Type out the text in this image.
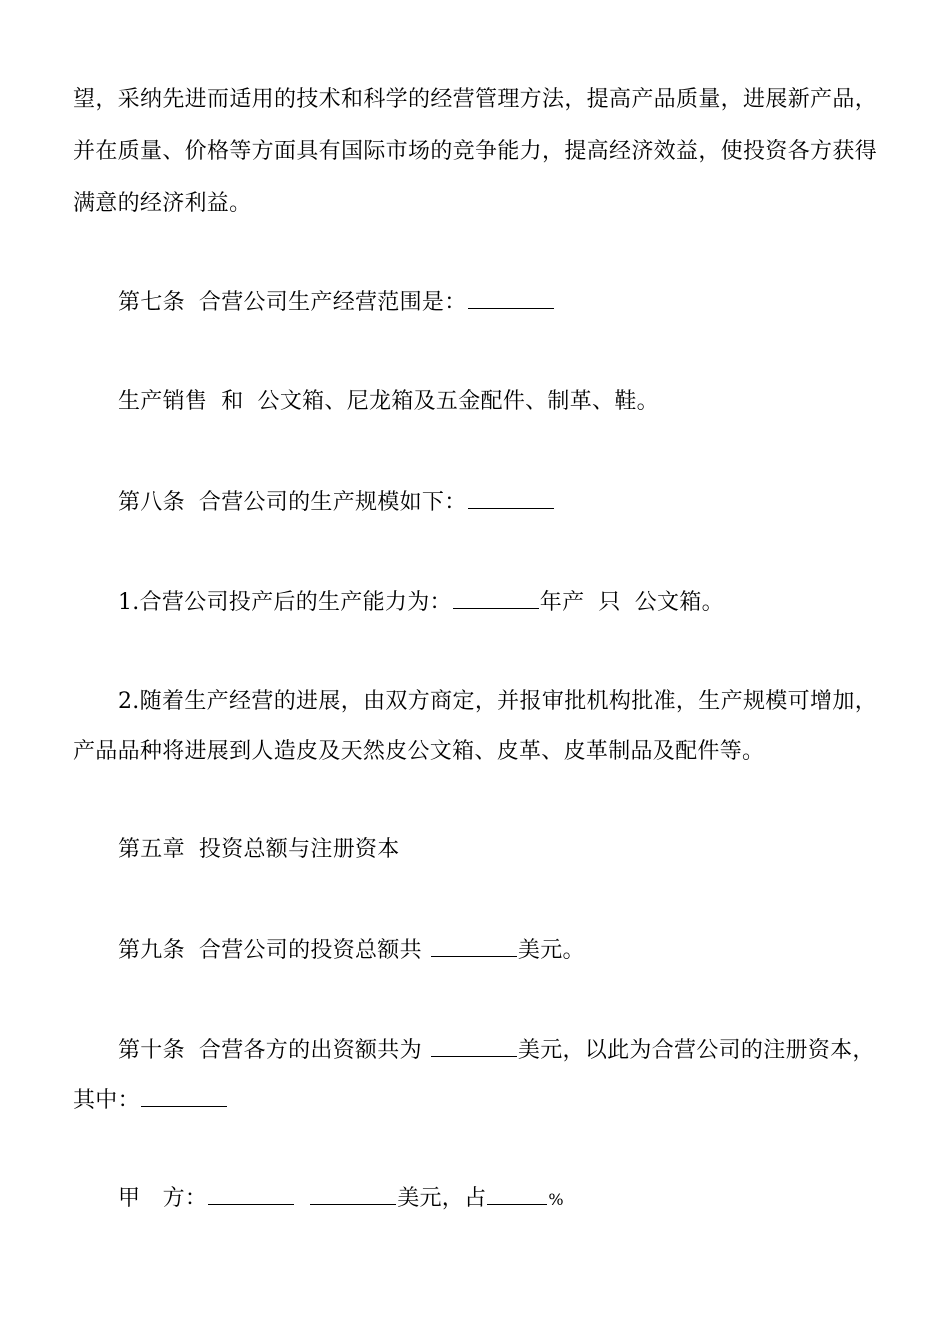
望，采纳先进而适用的技术和科学的经营管理方法，提高产品质量，进展新产品，
并在质量、价格等方面具有国际市场的竞争能力，提高经济效益，使投资各方获得
满意的经济利益。
第七条 合营公司生产经营范围是：
生产销售 和 公文箱、尼龙箱及五金配件、制革、鞋。
第八条 合营公司的生产规模如下：
1.合营公司投产后的生产能力为：	年产 只 公文箱。
2.随着生产经营的进展，由双方商定，并报审批机构批准，生产规模可增加，
产品品种将进展到人造皮及天然皮公文箱、皮革、皮革制品及配件等。
第五章 投资总额与注册资本
第九条 合营公司的投资总额共	美元。
第十条 合营各方的出资额共为	美元，以此为合营公司的注册资本，
其中：
甲　方：	美元，占	%
